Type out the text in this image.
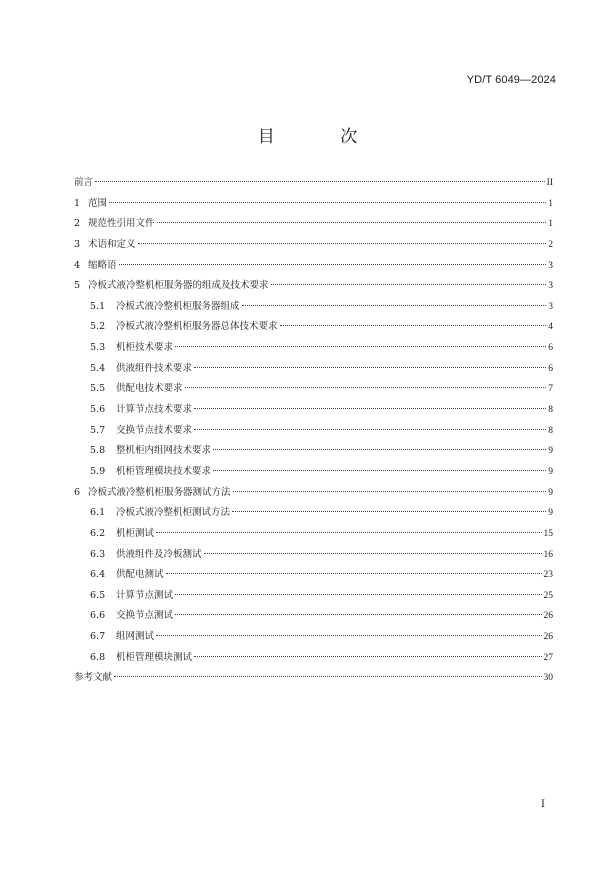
YD/T 6049—2024
目 次
前言	II
1 范围	1
2 规范性引用文件	1
3 术语和定义	2
4 缩略语	3
5 冷板式液冷整机柜服务器的组成及技术要求	3
5.1	冷板式液冷整机柜服务器组成	3
5.2	冷板式液冷整机柜服务器总体技术要求	4
5.3	机柜技术要求	6
5.4	供液组件技术要求	6
5.5	供配电技术要求	7
5.6	计算节点技术要求	8
5.7	交换节点技术要求	8
5.8	整机柜内组网技术要求	9
5.9	机柜管理模块技术要求	9
6 冷板式液冷整机柜服务器测试方法	9
6.1	冷板式液冷整机柜测试方法	9
6.2	机柜测试	15
6.3	供液组件及冷板测试	16
6.4	供配电测试	23
6.5	计算节点测试	25
6.6	交换节点测试	26
6.7	组网测试	26
6.8	机柜管理模块测试	27
参考文献	30
I
